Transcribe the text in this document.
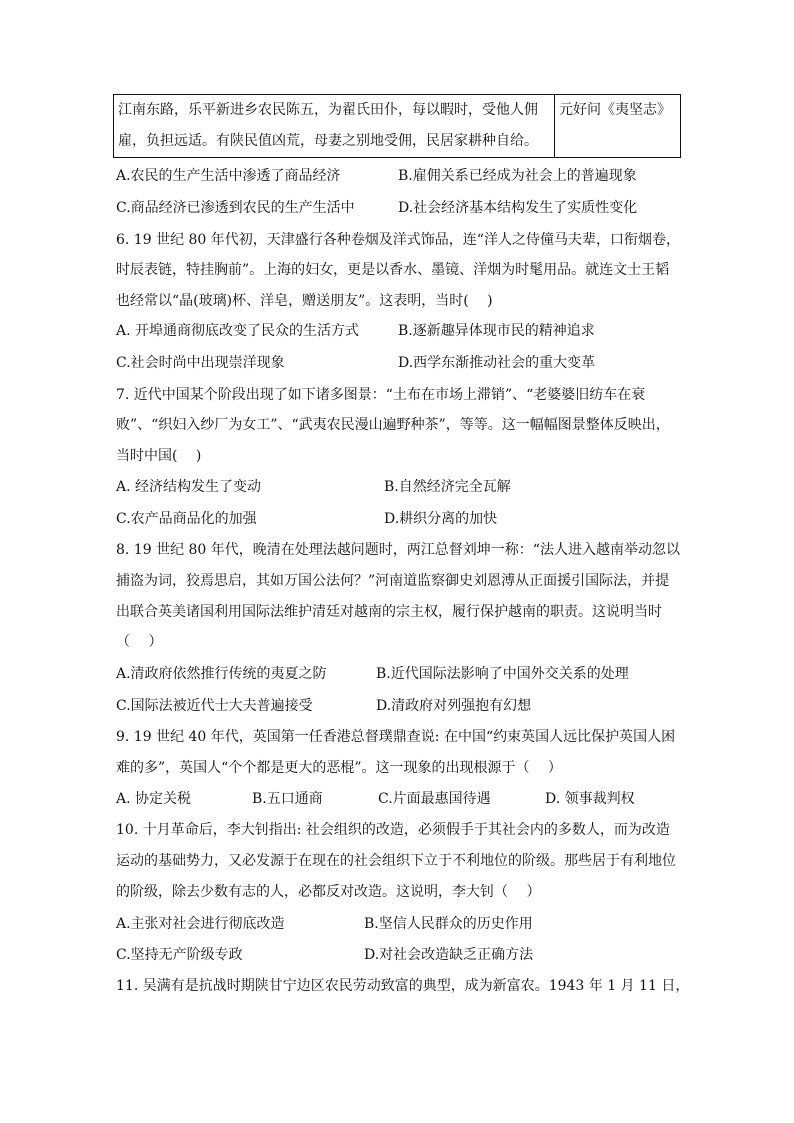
江南东路，乐平新进乡农民陈五，为翟氏田仆，每以暇时，受他人佣
雇，负担远适。有陕民值凶荒，母妻之别地受佣，民居家耕种自给。
	元好问《夷坚志》
A.农民的生产生活中渗透了商品经济	B.雇佣关系已经成为社会上的普遍现象
C.商品经济已渗透到农民的生产生活中	D.社会经济基本结构发生了实质性变化
6. 19 世纪 80 年代初，天津盛行各种卷烟及洋式饰品，连“洋人之侍僮马夫辈，口衔烟卷，
时辰表链，特挂胸前”。上海的妇女，更是以香水、墨镜、洋烟为时髦用品。就连文士王韬
也经常以“晶(玻璃)杯、洋皂，赠送朋友”。这表明，当时(　 )
A. 开埠通商彻底改变了民众的生活方式	B.逐新趣异体现市民的精神追求
C.社会时尚中出现崇洋现象	D.西学东渐推动社会的重大变革
7. 近代中国某个阶段出现了如下诸多图景：“土布在市场上滞销”、“老婆婆旧纺车在衰
败”、“织妇入纱厂为女工”、“武夷农民漫山遍野种茶”，等等。这一幅幅图景整体反映出，
当时中国(　 )
A. 经济结构发生了变动	B.自然经济完全瓦解
C.农产品商品化的加强	D.耕织分离的加快
8. 19 世纪 80 年代，晚清在处理法越问题时，两江总督刘坤一称：“法人进入越南举动忽以
捕盗为词，狡焉思启，其如万国公法何？”河南道监察御史刘恩溥从正面援引国际法，并提
出联合英美诸国利用国际法维护清廷对越南的宗主权，履行保护越南的职责。这说明当时
（　 ）
A.清政府依然推行传统的夷夏之防	B.近代国际法影响了中国外交关系的处理
C.国际法被近代士大夫普遍接受	D.清政府对列强抱有幻想
9. 19 世纪 40 年代，英国第一任香港总督璞鼎查说: 在中国“约束英国人远比保护英国人困
难的多”，英国人“个个都是更大的恶棍”。这一现象的出现根源于（　 ）
A. 协定关税	B.五口通商	C.片面最惠国待遇	D. 领事裁判权
10. 十月革命后，李大钊指出: 社会组织的改造，必须假手于其社会内的多数人，而为改造
运动的基础势力，又必发源于在现在的社会组织下立于不利地位的阶级。那些居于有利地位
的阶级，除去少数有志的人，必都反对改造。这说明，李大钊（　 ）
A.主张对社会进行彻底改造	B.坚信人民群众的历史作用
C.坚持无产阶级专政	D.对社会改造缺乏正确方法
11. 吴满有是抗战时期陕甘宁边区农民劳动致富的典型，成为新富农。1943 年 1 月 11 日，
